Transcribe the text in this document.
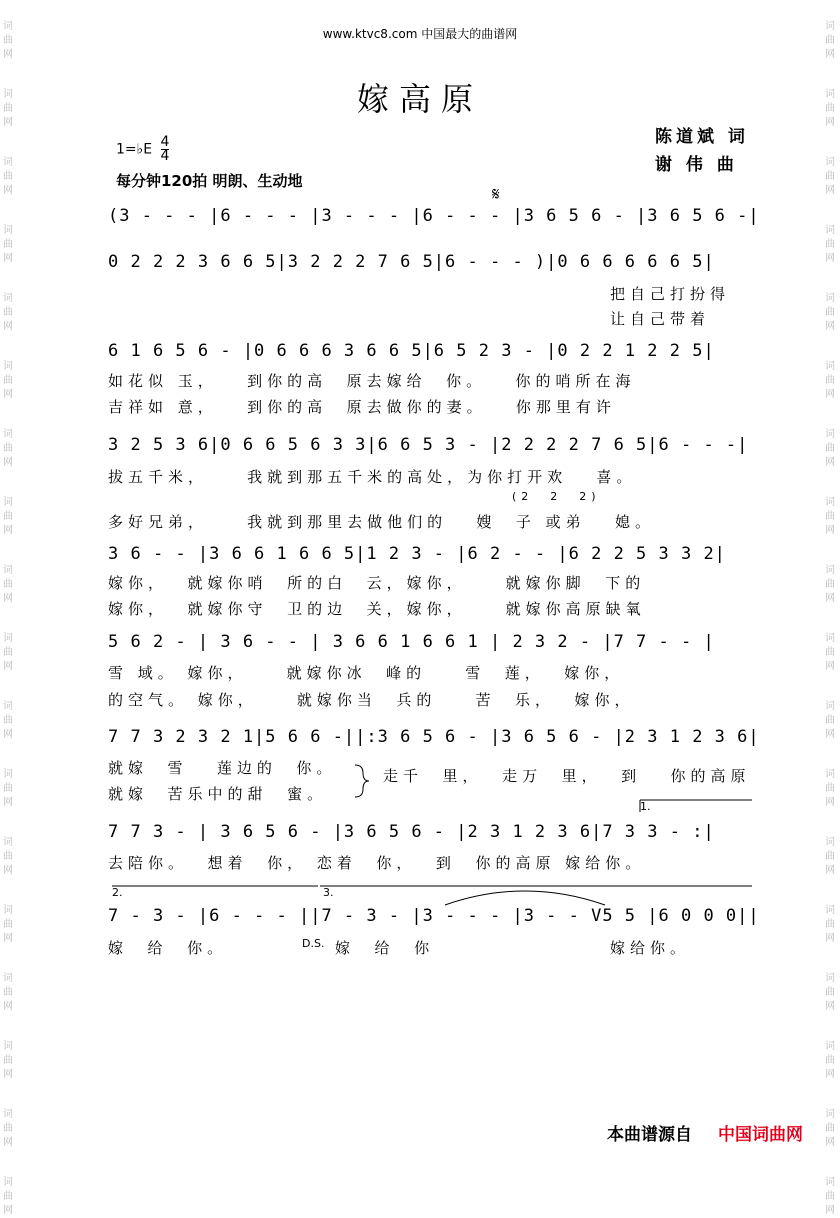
词
曲
网
词
曲
网
词
曲
网
词
曲
网
词
曲
网
词
曲
网
词
曲
网
词
曲
网
词
曲
网
词
曲
网
词
曲
网
词
曲
网
词
曲
网
词
曲
网
词
曲
网
词
曲
网
词
曲
网
词
曲
网
词
曲
网
词
曲
网
词
曲
网
词
曲
网
词
曲
网
词
曲
网
词
曲
网
词
曲
网
词
曲
网
词
曲
网
词
曲
网
词
曲
网
词
曲
网
词
曲
网
词
曲
网
词
曲
网
词
曲
网
词
曲
网
www.ktvc8.com 中国最大的曲谱网
嫁高原
陈道斌 词
谢 伟 曲
1=♭E $\frac{4}{4}$
每分钟120拍 明朗、生动地
(3 - - - |6 - - - |3 - - - |6 - - - |3 6 5 6 - |3 6 5 6 -|
0 2 2 2 3 6 6 5|3 2 2 2 7 6 5|6 - - - )|0 6 6 6 6 6 5|
把自己打扮得
让自己带着
6 1 6 5 6 - |0 6 6 6 3 6 6 5|6 5 2 3 - |0 2 2 1 2 2 5|
如花似 玉，   到你的高  原去嫁给  你。   你的哨所在海
吉祥如 意，   到你的高  原去做你的妻。   你那里有许
3 2 5 3 6|0 6 6 5 6 3 3|6 6 5 3 - |2 2 2 2 7 6 5|6 - - -|
拔五千米，    我就到那五千米的高处，为你打开欢   喜。
(2  2  2)
多好兄弟，    我就到那里去做他们的   嫂  子 或弟   媳。
3 6 - - |3 6 6 1 6 6 5|1 2 3 - |6 2 - - |6 2 2 5 3 3 2|
嫁你，  就嫁你哨  所的白  云，嫁你，    就嫁你脚  下的
嫁你，  就嫁你守  卫的边  关，嫁你，    就嫁你高原缺氧
5 6 2 - | 3 6 - - | 3 6 6 1 6 6 1 | 2 3 2 - |7 7 - - |
雪 域。 嫁你，    就嫁你冰  峰的    雪  莲，  嫁你，
的空气。 嫁你，    就嫁你当  兵的    苦  乐，  嫁你，
7 7 3 2 3 2 1|5 6 6 -||:3 6 5 6 - |3 6 5 6 - |2 3 1 2 3 6|
就嫁  雪   莲边的  你。
就嫁  苦乐中的甜  蜜。
走千  里，  走万  里，  到   你的高原
1.
7 7 3 - | 3 6 5 6 - |3 6 5 6 - |2 3 1 2 3 6|7 3 3 - :|
去陪你。  想着  你， 恋着  你，  到  你的高原 嫁给你。
2.	3.
7 - 3 - |6 - - - ||7 - 3 - |3 - - - |3 - - V5 5 |6 0 0 0||
嫁  给  你。	D.S. 嫁  给  你	嫁给你。
𝄋
本曲谱源自 中国词曲网
